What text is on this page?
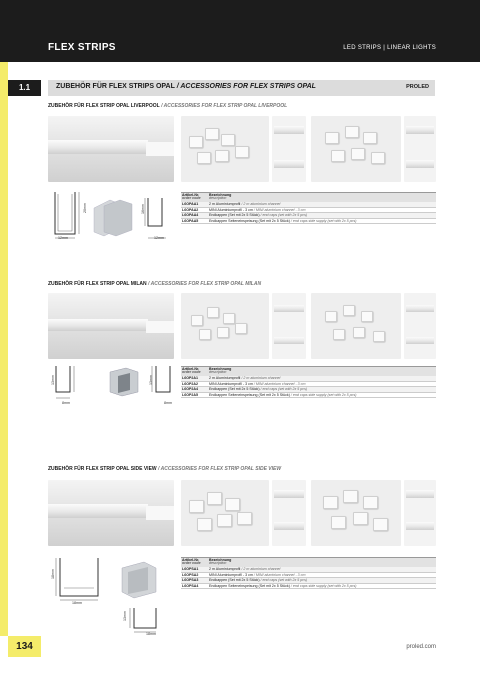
FLEX STRIPS	LED STRIPS | LINEAR LIGHTS
1.1	ZUBEHÖR FÜR FLEX STRIPS OPAL / ACCESSORIES FOR FLEX STRIPS OPAL	PROLED
ZUBEHÖR FÜR FLEX STRIP OPAL LIVERPOOL / ACCESSORIES FOR FLEX STRIP OPAL LIVERPOOL
20mm
12mm
16mm
12mm
Artikel-Nr.
order code
Bezeichnung
description
L6OPAA1	2 m Aluminiumprofil / 2 m aluminium channel
L6OPAA2	MINI Aluminiumprofil - 3 cm / MINI aluminium channel - 3 cm
L6OPAA4	Endkappen (Set mit 2x 5 Stück) / end caps (set with 2x 5 pcs)
L6OPAA5	Endkappen Seiteneinspeisung (Set mit 2x 5 Stück) / end caps side supply (set with 2x 5 pcs)
ZUBEHÖR FÜR FLEX STRIP OPAL MILAN / ACCESSORIES FOR FLEX STRIP OPAL MILAN
13mm
8mm
13mm
8mm
Artikel-Nr.
order code
Bezeichnung
description
L6OP2A1	2 m Aluminiumprofil / 2 m aluminium channel
L6OP2A2	MINI Aluminiumprofil - 3 cm / MINI aluminium channel - 3 cm
L6OP2A4	Endkappen (Set mit 2x 5 Stück) / end caps (set with 2x 5 pcs)
L6OP2A5	Endkappen Seiteneinspeisung (Set mit 2x 5 Stück) / end caps side supply (set with 2x 5 pcs)
ZUBEHÖR FÜR FLEX STRIP OPAL SIDE VIEW / ACCESSORIES FOR FLEX STRIP OPAL SIDE VIEW
18mm
18mm
13mm
18mm
Artikel-Nr.
order code
Bezeichnung
description
L6OPSA1	2 m Aluminiumprofil / 2 m aluminium channel
L6OPSA2	MINI Aluminiumprofil - 3 cm / MINI aluminium channel - 3 cm
L6OPSA3	Endkappen (Set mit 2x 5 Stück) / end caps (set with 2x 5 pcs)
L6OPSA4	Endkappen Seiteneinspeisung (Set mit 2x 5 Stück) / end caps side supply (set with 2x 5 pcs)
134	proled.com
